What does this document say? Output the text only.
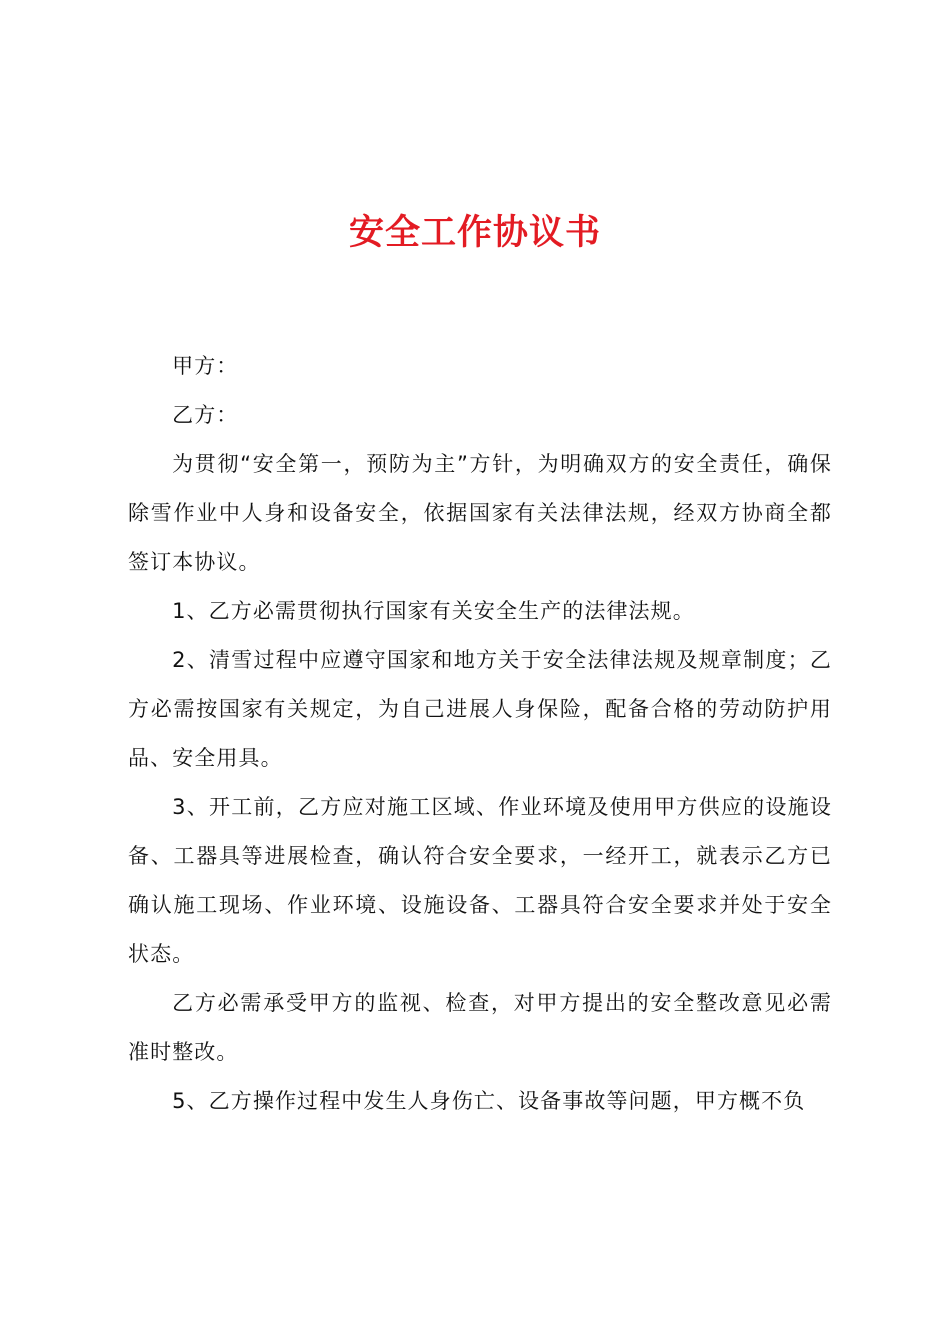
安全工作协议书

甲方：

乙方：

为贯彻“安全第一，预防为主”方针，为明确双方的安全责任，确保除雪作业中人身和设备安全，依据国家有关法律法规，经双方协商全都签订本协议。

1、乙方必需贯彻执行国家有关安全生产的法律法规。

2、清雪过程中应遵守国家和地方关于安全法律法规及规章制度；乙方必需按国家有关规定，为自己进展人身保险，配备合格的劳动防护用品、安全用具。

3、开工前，乙方应对施工区域、作业环境及使用甲方供应的设施设备、工器具等进展检查，确认符合安全要求，一经开工，就表示乙方已确认施工现场、作业环境、设施设备、工器具符合安全要求并处于安全状态。

乙方必需承受甲方的监视、检查，对甲方提出的安全整改意见必需准时整改。

5、乙方操作过程中发生人身伤亡、设备事故等问题，甲方概不负
